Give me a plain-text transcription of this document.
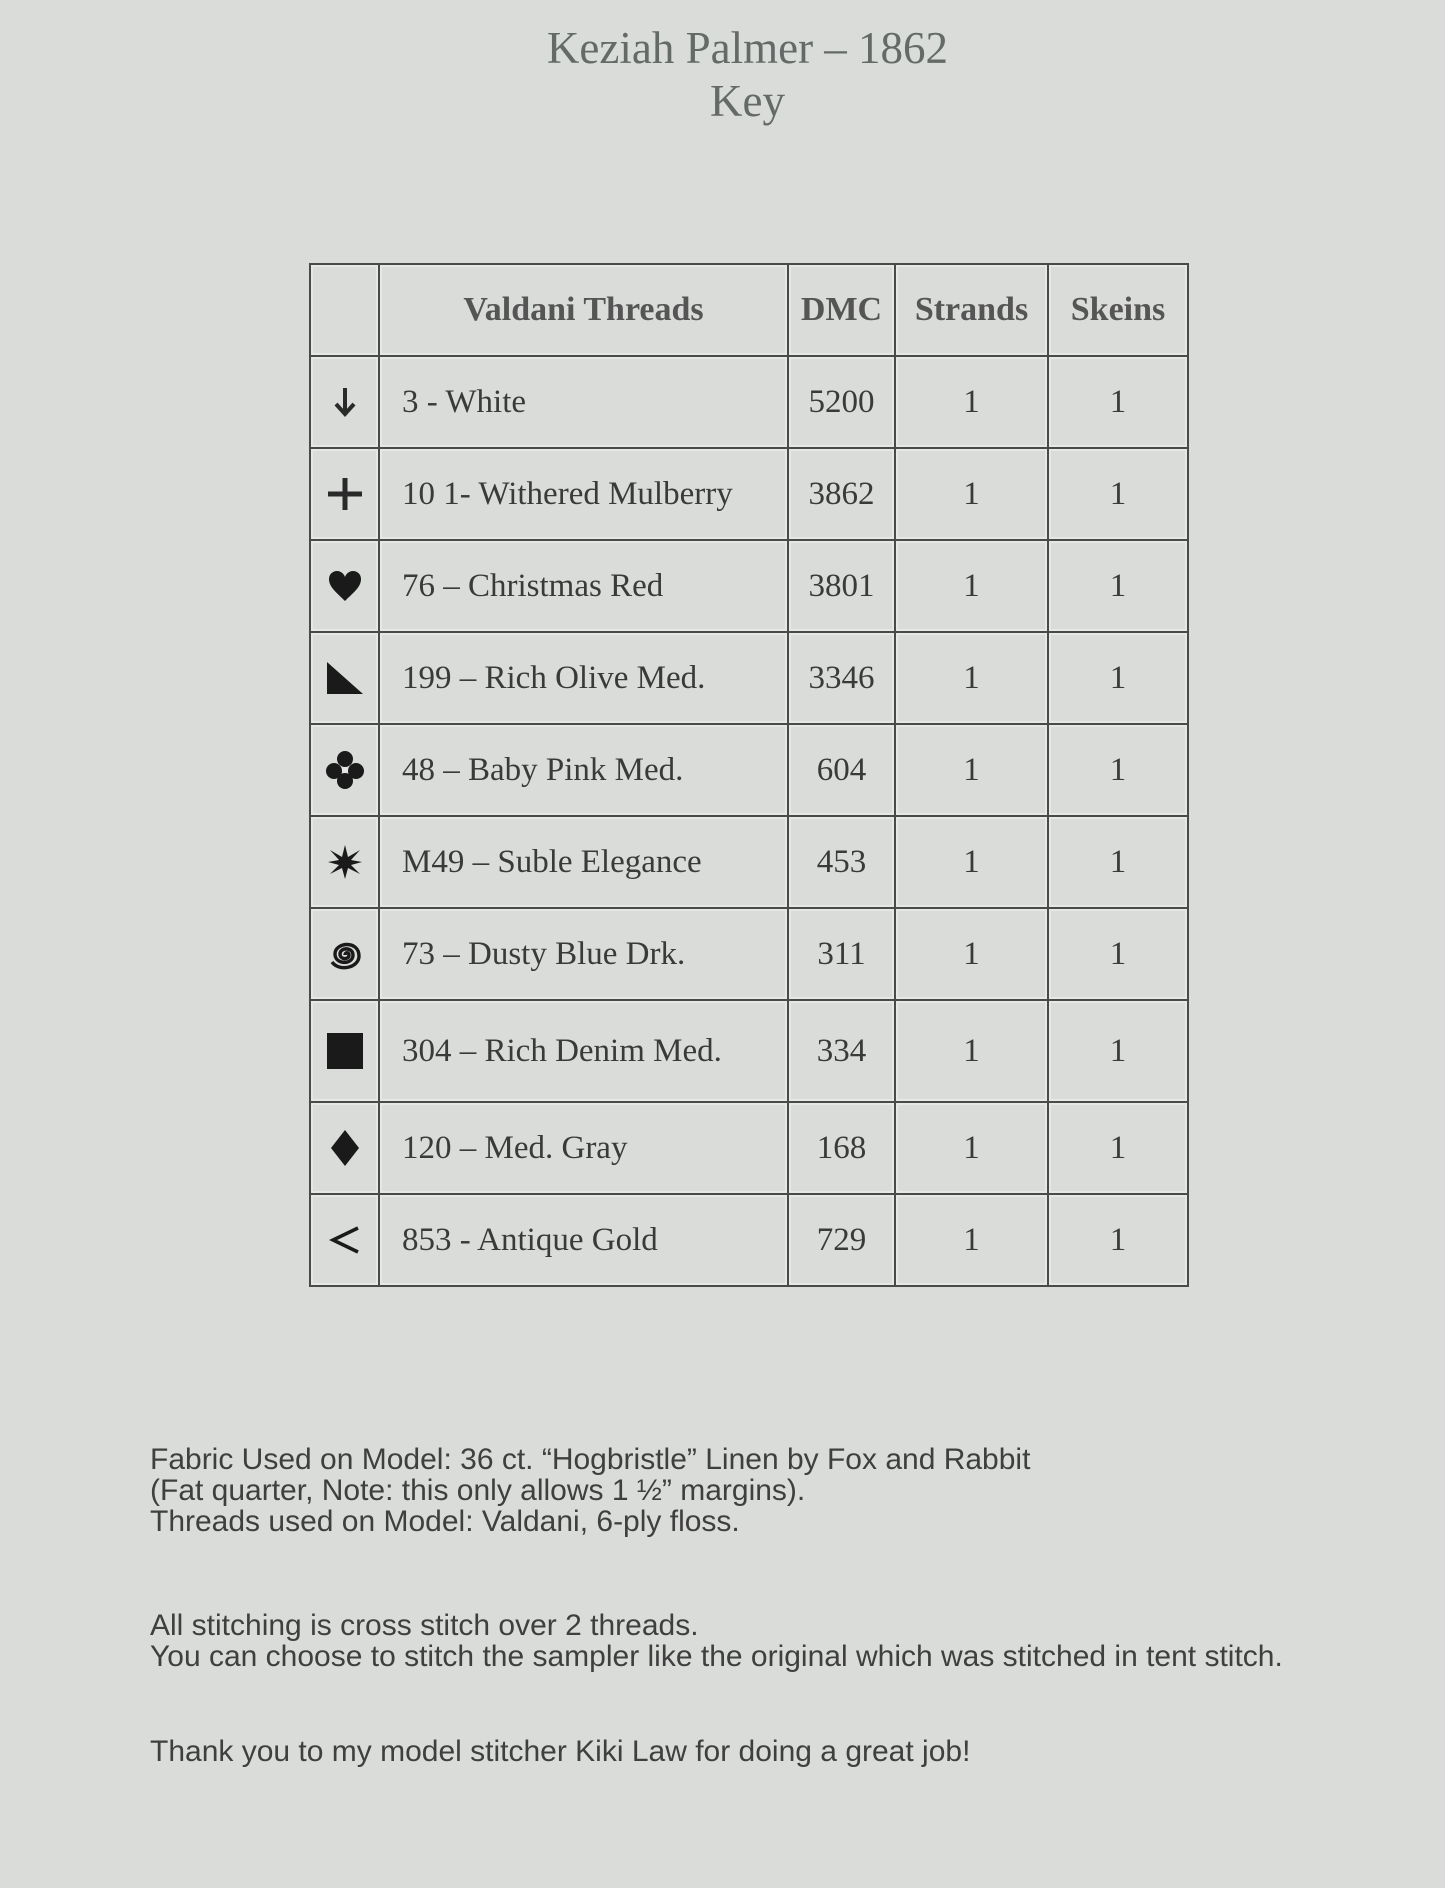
Keziah Palmer – 1862
Key
	Valdani Threads	DMC	Strands	Skeins

	3 - White	5200	1	1

	10 1- Withered Mulberry	3862	1	1

	76 – Christmas Red	3801	1	1

	199 – Rich Olive Med.	3346	1	1

	48 – Baby Pink Med.	604	1	1

	M49 – Suble Elegance	453	1	1

	73 – Dusty Blue Drk.	311	1	1

	304 – Rich Denim Med.	334	1	1

	120 – Med. Gray	168	1	1

	853 - Antique Gold	729	1	1
Fabric Used on Model: 36 ct. “Hogbristle” Linen by Fox and Rabbit
(Fat quarter, Note: this only allows 1 ½” margins).
Threads used on Model: Valdani, 6-ply floss.
All stitching is cross stitch over 2 threads.
You can choose to stitch the sampler like the original which was stitched in tent stitch.
Thank you to my model stitcher Kiki Law for doing a great job!
